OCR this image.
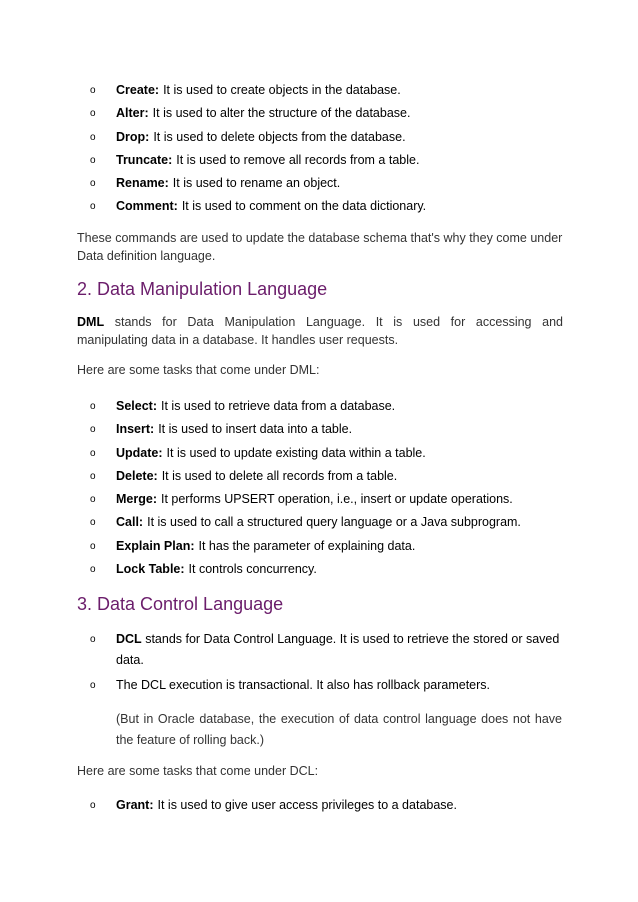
o	Create: It is used to create objects in the database.
o	Alter: It is used to alter the structure of the database.
o	Drop: It is used to delete objects from the database.
o	Truncate: It is used to remove all records from a table.
o	Rename: It is used to rename an object.
o	Comment: It is used to comment on the data dictionary.

These commands are used to update the database schema that's why they come under
Data definition language.

2. Data Manipulation Language

DML stands for Data Manipulation Language. It is used for accessing and
manipulating data in a database. It handles user requests.

Here are some tasks that come under DML:

o	Select: It is used to retrieve data from a database.
o	Insert: It is used to insert data into a table.
o	Update: It is used to update existing data within a table.
o	Delete: It is used to delete all records from a table.
o	Merge: It performs UPSERT operation, i.e., insert or update operations.
o	Call: It is used to call a structured query language or a Java subprogram.
o	Explain Plan: It has the parameter of explaining data.
o	Lock Table: It controls concurrency.
3. Data Control Language
o	DCL stands for Data Control Language. It is used to retrieve the stored or saved data.
o	The DCL execution is transactional. It also has rollback parameters.

(But in Oracle database, the execution of data control language does not have the feature of rolling back.)

Here are some tasks that come under DCL:

o	Grant: It is used to give user access privileges to a database.
